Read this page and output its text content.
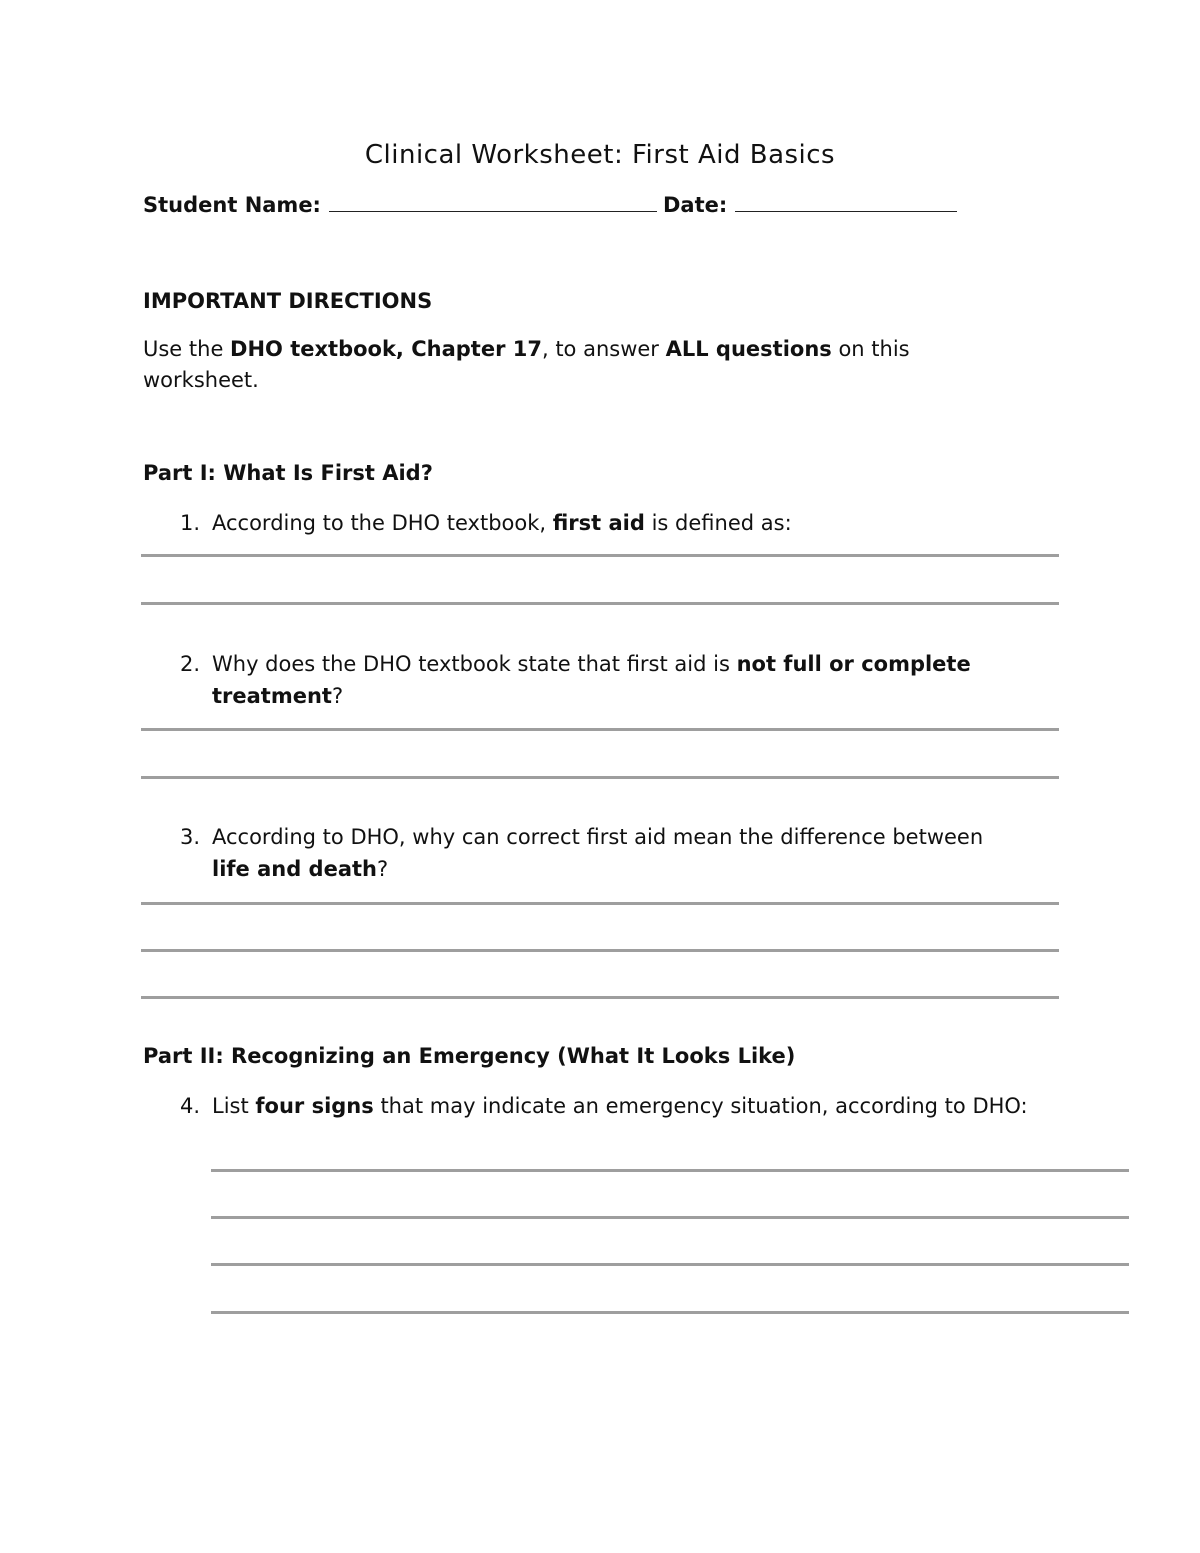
Clinical Worksheet: First Aid Basics
Student Name:	Date:
IMPORTANT DIRECTIONS
Use the DHO textbook, Chapter 17, to answer ALL questions on this worksheet.
Part I: What Is First Aid?
1. According to the DHO textbook, first aid is defined as:
2. Why does the DHO textbook state that first aid is not full or complete treatment?
3. According to DHO, why can correct first aid mean the difference between life and death?
Part II: Recognizing an Emergency (What It Looks Like)
4. List four signs that may indicate an emergency situation, according to DHO:
